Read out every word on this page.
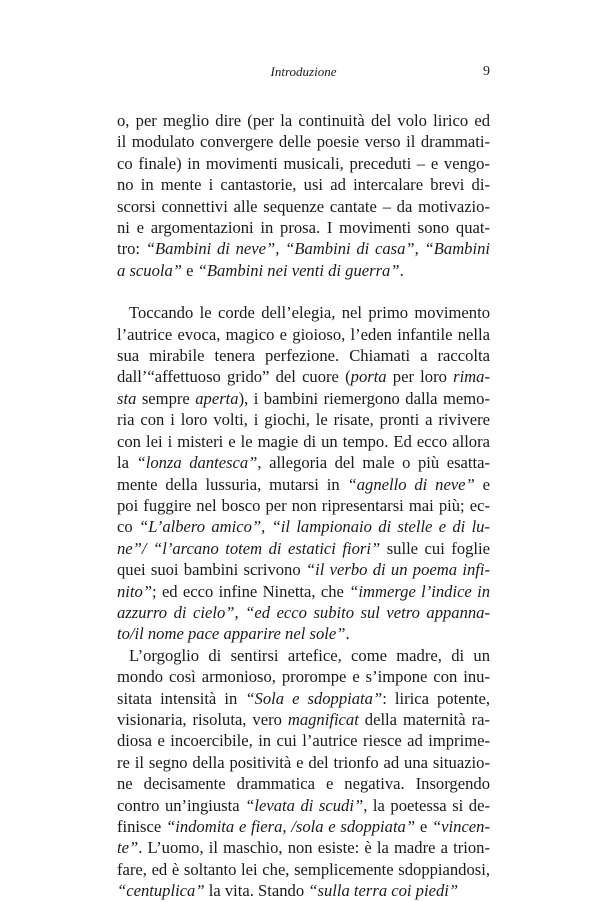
Introduzione	9

o, per meglio dire (per la continuità del volo lirico ed
il modulato convergere delle poesie verso il drammati-
co finale) in movimenti musicali, preceduti – e vengo-
no in mente i cantastorie, usi ad intercalare brevi di-
scorsi connettivi alle sequenze cantate – da motivazio-
ni e argomentazioni in prosa. I movimenti sono quat-
tro: “Bambini di neve”, “Bambini di casa”, “Bambini
a scuola” e “Bambini nei venti di guerra”.

Toccando le corde dell’elegia, nel primo movimento
l’autrice evoca, magico e gioioso, l’eden infantile nella
sua mirabile tenera perfezione. Chiamati a raccolta
dall’“affettuoso grido” del cuore (porta per loro rima-
sta sempre aperta), i bambini riemergono dalla memo-
ria con i loro volti, i giochi, le risate, pronti a rivivere
con lei i misteri e le magie di un tempo. Ed ecco allora
la “lonza dantesca”, allegoria del male o più esatta-
mente della lussuria, mutarsi in “agnello di neve” e
poi fuggire nel bosco per non ripresentarsi mai più; ec-
co “L’albero amico”, “il lampionaio di stelle e di lu-
ne”/ “l’arcano totem di estatici fiori” sulle cui foglie
quei suoi bambini scrivono “il verbo di un poema infi-
nito”; ed ecco infine Ninetta, che “immerge l’indice in
azzurro di cielo”, “ed ecco subito sul vetro appanna-
to/il nome pace apparire nel sole”.

L’orgoglio di sentirsi artefice, come madre, di un
mondo così armonioso, prorompe e s’impone con inu-
sitata intensità in “Sola e sdoppiata”: lirica potente,
visionaria, risoluta, vero magnificat della maternità ra-
diosa e incoercibile, in cui l’autrice riesce ad imprime-
re il segno della positività e del trionfo ad una situazio-
ne decisamente drammatica e negativa. Insorgendo
contro un’ingiusta “levata di scudi”, la poetessa si de-
finisce “indomita e fiera, /sola e sdoppiata” e “vincen-
te”. L’uomo, il maschio, non esiste: è la madre a trion-
fare, ed è soltanto lei che, semplicemente sdoppiandosi,
“centuplica” la vita. Stando “sulla terra coi piedi”
